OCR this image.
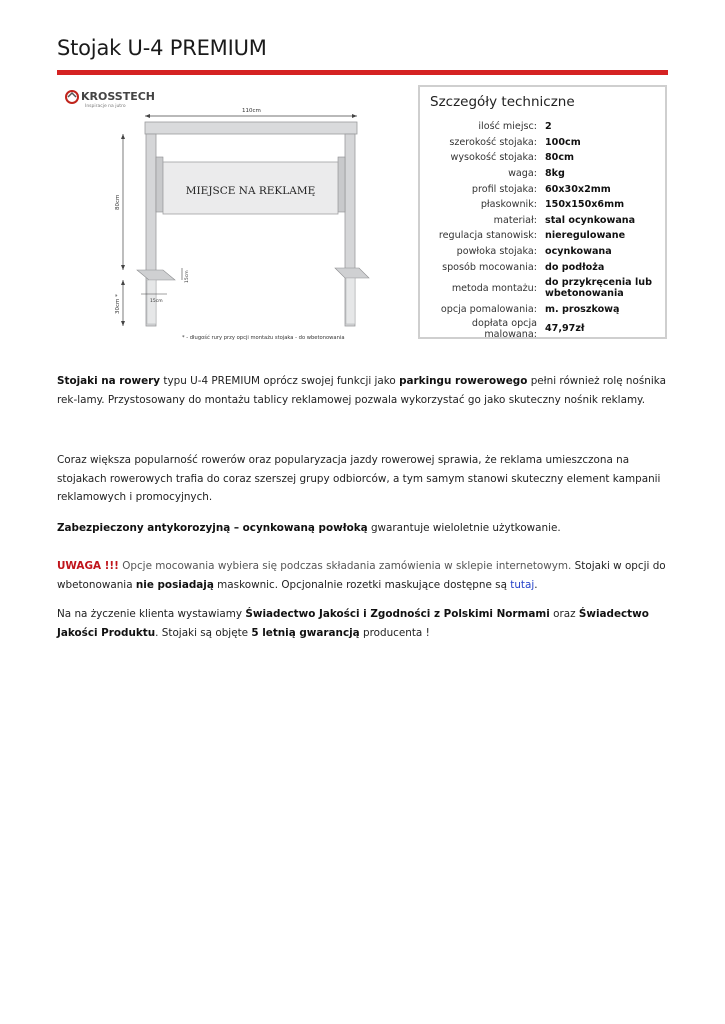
Stojak U-4 PREMIUM
KROSSTECH
Inspiracje na jutro
110cm
MIEJSCE NA REKLAMĘ
80cm
30cm *	15cm
15cm
* - długość rury przy opcji montażu stojaka - do wbetonowania
Szczegóły techniczne
ilość miejsc:	2
szerokość stojaka:	100cm
wysokość stojaka:	80cm
waga:	8kg
profil stojaka:	60x30x2mm
płaskownik:	150x150x6mm
materiał:	stal ocynkowana
regulacja stanowisk:	nieregulowane
powłoka stojaka:	ocynkowana
sposób mocowania:	do podłoża
metoda montażu:	do przykręcenia lub wbetonowania
opcja pomalowania:	m. proszkową
dopłata opcja malowana:	47,97zł

Stojaki na rowery typu U-4 PREMIUM oprócz swojej funkcji jako parkingu rowerowego pełni również rolę nośnika rek-lamy. Przystosowany do montażu tablicy reklamowej pozwala wykorzystać go jako skuteczny nośnik reklamy.

Coraz większa popularność rowerów oraz popularyzacja jazdy rowerowej sprawia, że reklama umieszczona na stojakach rowerowych trafia do coraz szerszej grupy odbiorców, a tym samym stanowi skuteczny element kampanii reklamowych i promocyjnych.

Zabezpieczony antykorozyjną – ocynkowaną powłoką gwarantuje wieloletnie użytkowanie.

UWAGA !!! Opcje mocowania wybiera się podczas składania zamówienia w sklepie internetowym. Stojaki w opcji do wbetonowania nie posiadają maskownic. Opcjonalnie rozetki maskujące dostępne są tutaj.

Na na życzenie klienta wystawiamy Świadectwo Jakości i Zgodności z Polskimi Normami oraz Świadectwo Jakości Produktu. Stojaki są objęte 5 letnią gwarancją producenta !
